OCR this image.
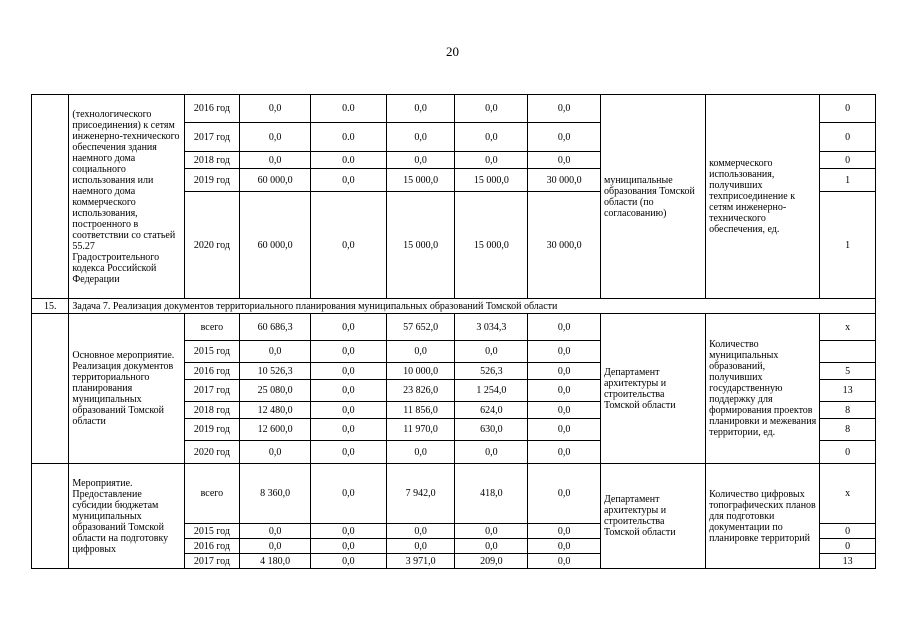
20
	(технологического присоединения) к сетям инженерно-технического обеспечения здания наемного дома социального использования или наемного дома коммерческого использования, построенного в соответствии со статьей 55.27 Градостроительного кодекса Российской Федерации	2016 год	0,0	0.0	0,0	0,0	0,0	муниципальные образования Томской области (по согласованию)	коммерческого использования, получивших техприсоединение к сетям инженерно-технического обеспечения, ед.	0
		2017 год	0,0	0.0	0,0	0,0	0,0			0
		2018 год	0,0	0.0	0,0	0,0	0,0			0
		2019 год	60 000,0	0,0	15 000,0	15 000,0	30 000,0			1
		2020 год	60 000,0	0,0	15 000,0	15 000,0	30 000,0			1
15.	Задача 7. Реализация документов территориального планирования муниципальных образований Томской области									
	Основное мероприятие. Реализация документов территориального планирования муниципальных образований Томской области	всего	60 686,3	0,0	57 652,0	3 034,3	0,0	Департамент архитектуры и строительства Томской области	Количество муниципальных образований, получивших государственную поддержку для формирования проектов планировки и межевания территории, ед.	х
		2015 год	0,0	0,0	0,0	0,0	0,0			
		2016 год	10 526,3	0,0	10 000,0	526,3	0,0			5
		2017 год	25 080,0	0,0	23 826,0	1 254,0	0,0			13
		2018 год	12 480,0	0,0	11 856,0	624,0	0,0			8
		2019 год	12 600,0	0,0	11 970,0	630,0	0,0			8
		2020 год	0,0	0,0	0,0	0,0	0,0			0
	Мероприятие. Предоставление субсидии бюджетам муниципальных образований Томской области на подготовку цифровых	всего	8 360,0	0,0	7 942,0	418,0	0,0	Департамент архитектуры и строительства Томской области	Количество цифровых топографических планов для подготовки документации по планировке территорий	х
		2015 год	0,0	0,0	0,0	0,0	0,0			0
		2016 год	0,0	0,0	0,0	0,0	0,0			0
		2017 год	4 180,0	0,0	3 971,0	209,0	0,0			13
